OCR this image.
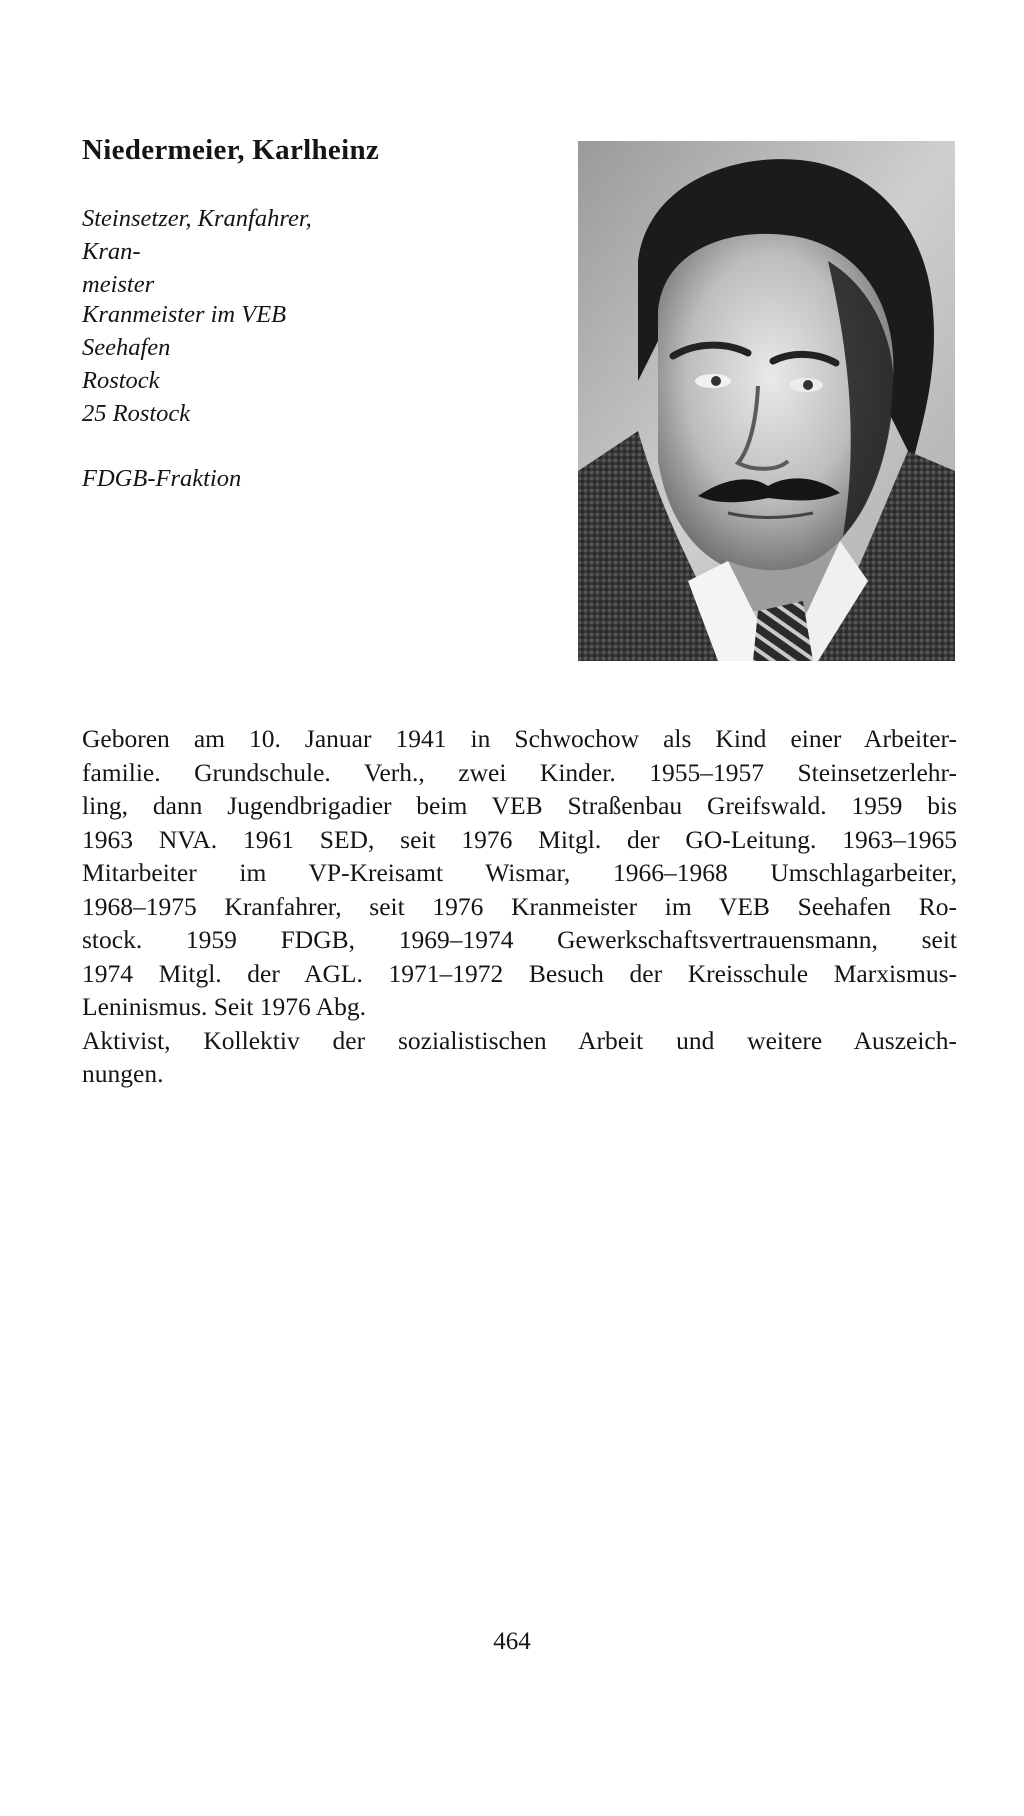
Niedermeier, Karlheinz
Steinsetzer, Kranfahrer, Kran-
meister
Kranmeister im VEB Seehafen
Rostock
25 Rostock
FDGB-Fraktion
Geboren am 10. Januar 1941 in Schwochow als Kind einer Arbeiter-
familie. Grundschule. Verh., zwei Kinder. 1955–1957 Steinsetzerlehr-
ling, dann Jugendbrigadier beim VEB Straßenbau Greifswald. 1959 bis
1963 NVA. 1961 SED, seit 1976 Mitgl. der GO-Leitung. 1963–1965
Mitarbeiter im VP-Kreisamt Wismar, 1966–1968 Umschlagarbeiter,
1968–1975 Kranfahrer, seit 1976 Kranmeister im VEB Seehafen Ro-
stock. 1959 FDGB, 1969–1974 Gewerkschaftsvertrauensmann, seit
1974 Mitgl. der AGL. 1971–1972 Besuch der Kreisschule Marxismus-
Leninismus. Seit 1976 Abg.
Aktivist, Kollektiv der sozialistischen Arbeit und weitere Auszeich-
nungen.
464
